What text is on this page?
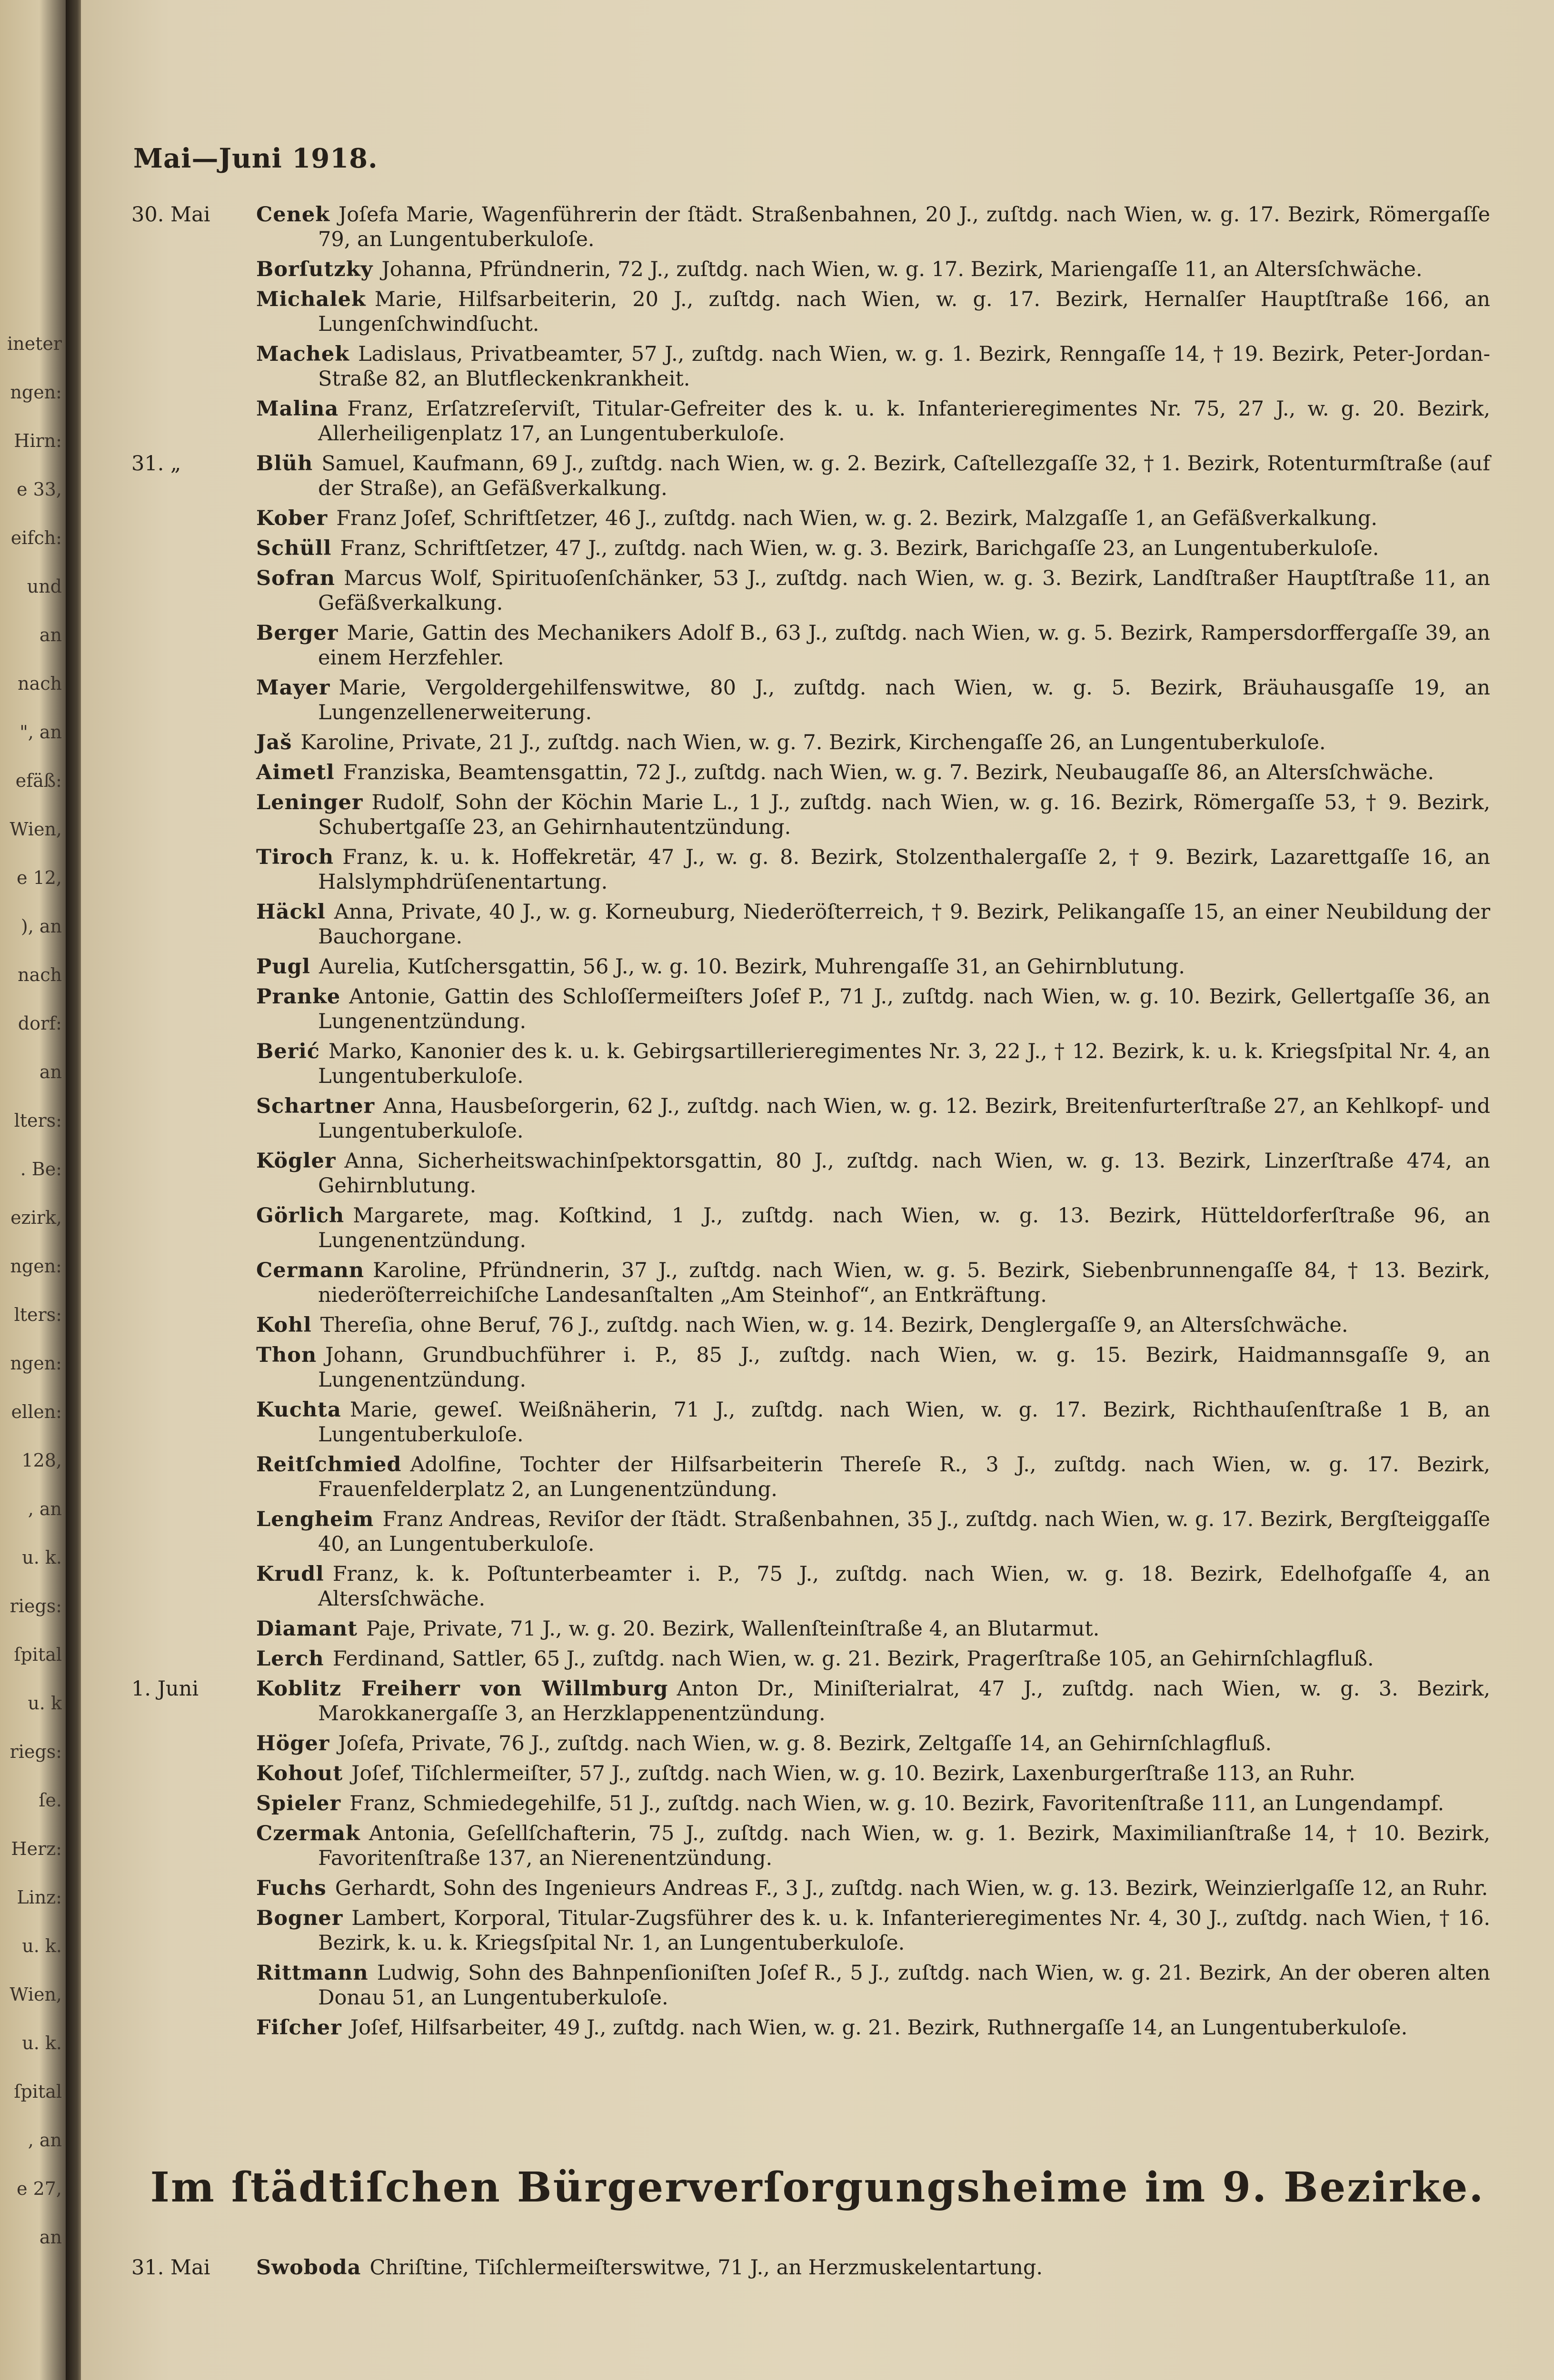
ineter
ngen:
Hirn:
e 33,
eifch:
und
an
nach
", an
efäß:
Wien,
e 12,
), an
nach
dorf:
an
lters:
. Be:
ezirk,
ngen:
lters:
ngen:
ellen:
128,
, an
u. k.
riegs:
ſpital
u. k
riegs:
ſe.
Herz:
Linz:
u. k.
Wien,
u. k.
ſpital
, an
e 27,
an
Mai—Juni 1918.
30. Mai	Cenek Joſefa Marie, Wagenführerin der ſtädt. Straßenbahnen, 20 J., zuſtdg. nach Wien, w. g. 17. Bezirk, Römergaſſe 79, an Lungentuberkuloſe.
Borſutzky Johanna, Pfründnerin, 72 J., zuſtdg. nach Wien, w. g. 17. Bezirk, Mariengaſſe 11, an Altersſchwäche.
Michalek Marie, Hilfsarbeiterin, 20 J., zuſtdg. nach Wien, w. g. 17. Bezirk, Hernalſer Hauptſtraße 166, an Lungenſchwindſucht.
Machek Ladislaus, Privatbeamter, 57 J., zuſtdg. nach Wien, w. g. 1. Bezirk, Renngaſſe 14, † 19. Bezirk, Peter-Jordan-Straße 82, an Blutfleckenkrankheit.
Malina Franz, Erſatzreſerviſt, Titular-Gefreiter des k. u. k. Infanterieregimentes Nr. 75, 27 J., w. g. 20. Bezirk, Allerheiligenplatz 17, an Lungentuberkuloſe.
31. „	Blüh Samuel, Kaufmann, 69 J., zuſtdg. nach Wien, w. g. 2. Bezirk, Caſtellezgaſſe 32, † 1. Bezirk, Rotenturmſtraße (auf der Straße), an Gefäßverkalkung.
Kober Franz Joſef, Schriftſetzer, 46 J., zuſtdg. nach Wien, w. g. 2. Bezirk, Malzgaſſe 1, an Gefäßverkalkung.
Schüll Franz, Schriftſetzer, 47 J., zuſtdg. nach Wien, w. g. 3. Bezirk, Barichgaſſe 23, an Lungentuberkuloſe.
Sofran Marcus Wolf, Spirituoſenſchänker, 53 J., zuſtdg. nach Wien, w. g. 3. Bezirk, Landſtraßer Hauptſtraße 11, an Gefäßverkalkung.
Berger Marie, Gattin des Mechanikers Adolf B., 63 J., zuſtdg. nach Wien, w. g. 5. Bezirk, Rampersdorffergaſſe 39, an einem Herzfehler.
Mayer Marie, Vergoldergehilfenswitwe, 80 J., zuſtdg. nach Wien, w. g. 5. Bezirk, Bräuhausgaſſe 19, an Lungenzellenerweiterung.
Jaš Karoline, Private, 21 J., zuſtdg. nach Wien, w. g. 7. Bezirk, Kirchengaſſe 26, an Lungentuberkuloſe.
Aimetl Franziska, Beamtensgattin, 72 J., zuſtdg. nach Wien, w. g. 7. Bezirk, Neubaugaſſe 86, an Altersſchwäche.
Leninger Rudolf, Sohn der Köchin Marie L., 1 J., zuſtdg. nach Wien, w. g. 16. Bezirk, Römergaſſe 53, † 9. Bezirk, Schubertgaſſe 23, an Gehirnhautentzündung.
Tiroch Franz, k. u. k. Hoffekretär, 47 J., w. g. 8. Bezirk, Stolzenthalergaſſe 2, † 9. Bezirk, Lazarettgaſſe 16, an Halslymphdrüſenentartung.
Häckl Anna, Private, 40 J., w. g. Korneuburg, Niederöſterreich, † 9. Bezirk, Pelikangaſſe 15, an einer Neubildung der Bauchorgane.
Pugl Aurelia, Kutſchersgattin, 56 J., w. g. 10. Bezirk, Muhrengaſſe 31, an Gehirnblutung.
Pranke Antonie, Gattin des Schloſſermeiſters Joſef P., 71 J., zuſtdg. nach Wien, w. g. 10. Bezirk, Gellertgaſſe 36, an Lungenentzündung.
Berić Marko, Kanonier des k. u. k. Gebirgsartillerieregimentes Nr. 3, 22 J., † 12. Bezirk, k. u. k. Kriegsſpital Nr. 4, an Lungentuberkuloſe.
Schartner Anna, Hausbeſorgerin, 62 J., zuſtdg. nach Wien, w. g. 12. Bezirk, Breitenfurterſtraße 27, an Kehlkopf- und Lungentuberkuloſe.
Kögler Anna, Sicherheitswachinſpektorsgattin, 80 J., zuſtdg. nach Wien, w. g. 13. Bezirk, Linzerſtraße 474, an Gehirnblutung.
Görlich Margarete, mag. Koſtkind, 1 J., zuſtdg. nach Wien, w. g. 13. Bezirk, Hütteldorferſtraße 96, an Lungenentzündung.
Cermann Karoline, Pfründnerin, 37 J., zuſtdg. nach Wien, w. g. 5. Bezirk, Siebenbrunnengaſſe 84, † 13. Bezirk, niederöſterreichiſche Landesanſtalten „Am Steinhof“, an Entkräftung.
Kohl Thereſia, ohne Beruf, 76 J., zuſtdg. nach Wien, w. g. 14. Bezirk, Denglergaſſe 9, an Altersſchwäche.
Thon Johann, Grundbuchführer i. P., 85 J., zuſtdg. nach Wien, w. g. 15. Bezirk, Haidmannsgaſſe 9, an Lungenentzündung.
Kuchta Marie, geweſ. Weißnäherin, 71 J., zuſtdg. nach Wien, w. g. 17. Bezirk, Richthauſenſtraße 1 B, an Lungentuberkuloſe.
Reitſchmied Adolfine, Tochter der Hilfsarbeiterin Thereſe R., 3 J., zuſtdg. nach Wien, w. g. 17. Bezirk, Frauenfelderplatz 2, an Lungenentzündung.
Lengheim Franz Andreas, Reviſor der ſtädt. Straßenbahnen, 35 J., zuſtdg. nach Wien, w. g. 17. Bezirk, Bergſteiggaſſe 40, an Lungentuberkuloſe.
Krudl Franz, k. k. Poſtunterbeamter i. P., 75 J., zuſtdg. nach Wien, w. g. 18. Bezirk, Edelhofgaſſe 4, an Altersſchwäche.
Diamant Paje, Private, 71 J., w. g. 20. Bezirk, Wallenſteinſtraße 4, an Blutarmut.
Lerch Ferdinand, Sattler, 65 J., zuſtdg. nach Wien, w. g. 21. Bezirk, Pragerſtraße 105, an Gehirnſchlagfluß.
1. Juni	Koblitz Freiherr von Willmburg Anton Dr., Miniſterialrat, 47 J., zuſtdg. nach Wien, w. g. 3. Bezirk, Marokkanergaſſe 3, an Herzklappenentzündung.
Höger Joſefa, Private, 76 J., zuſtdg. nach Wien, w. g. 8. Bezirk, Zeltgaſſe 14, an Gehirnſchlagfluß.
Kohout Joſef, Tiſchlermeiſter, 57 J., zuſtdg. nach Wien, w. g. 10. Bezirk, Laxenburgerſtraße 113, an Ruhr.
Spieler Franz, Schmiedegehilfe, 51 J., zuſtdg. nach Wien, w. g. 10. Bezirk, Favoritenſtraße 111, an Lungendampf.
Czermak Antonia, Geſellſchafterin, 75 J., zuſtdg. nach Wien, w. g. 1. Bezirk, Maximilianſtraße 14, † 10. Bezirk, Favoritenſtraße 137, an Nierenentzündung.
Fuchs Gerhardt, Sohn des Ingenieurs Andreas F., 3 J., zuſtdg. nach Wien, w. g. 13. Bezirk, Weinzierlgaſſe 12, an Ruhr.
Bogner Lambert, Korporal, Titular-Zugsführer des k. u. k. Infanterieregimentes Nr. 4, 30 J., zuſtdg. nach Wien, † 16. Bezirk, k. u. k. Kriegsſpital Nr. 1, an Lungentuberkuloſe.
Rittmann Ludwig, Sohn des Bahnpenſioniſten Joſef R., 5 J., zuſtdg. nach Wien, w. g. 21. Bezirk, An der oberen alten Donau 51, an Lungentuberkuloſe.
Fiſcher Joſef, Hilfsarbeiter, 49 J., zuſtdg. nach Wien, w. g. 21. Bezirk, Ruthnergaſſe 14, an Lungentuberkuloſe.
Im ſtädtiſchen Bürgerverſorgungsheime im 9. Bezirke.
31. Mai	Swoboda Chriſtine, Tiſchlermeiſterswitwe, 71 J., an Herzmuskelentartung.
